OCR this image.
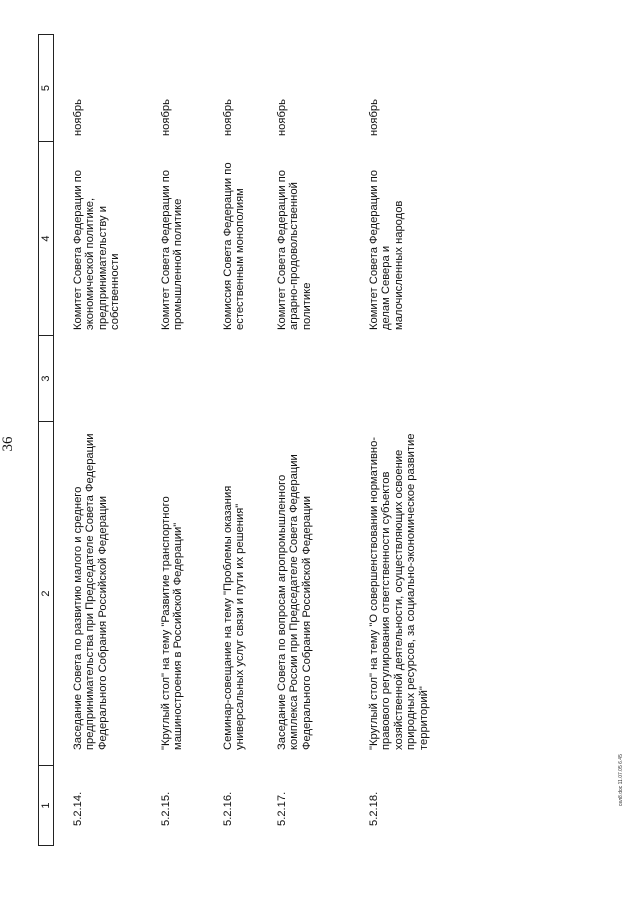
36
1
2
3
4
5
5.2.14.
Заседание Совета по развитию малого и среднего предпринимательства при Председателе Совета Федерации Федерального Собрания Российской Федерации
Комитет Совета Федерации по экономической политике, предпринимательству и собственности
ноябрь
5.2.15.
"Круглый стол" на тему "Развитие транспортного машиностроения в Российской Федерации"
Комитет Совета Федерации по промышленной политике
ноябрь
5.2.16.
Семинар-совещание на тему "Проблемы оказания универсальных услуг связи и пути их решения"
Комиссия Совета Федерации по естественным монополиям
ноябрь
5.2.17.
Заседание Совета по вопросам агропромышленного комплекса России при Председателе Совета Федерации Федерального Собрания Российской Федерации
Комитет Совета Федерации по аграрно-продовольственной политике
ноябрь
5.2.18.
"Круглый стол" на тему "О совершенствовании нормативно-правового регулирования ответственности субъектов хозяйственной деятельности, осуществляющих освоение природных ресурсов, за социально-экономическое развитие территорий"
Комитет Совета Федерации по делам Севера и малочисленных народов
ноябрь
сел8.doc 11.07.05 6.45
